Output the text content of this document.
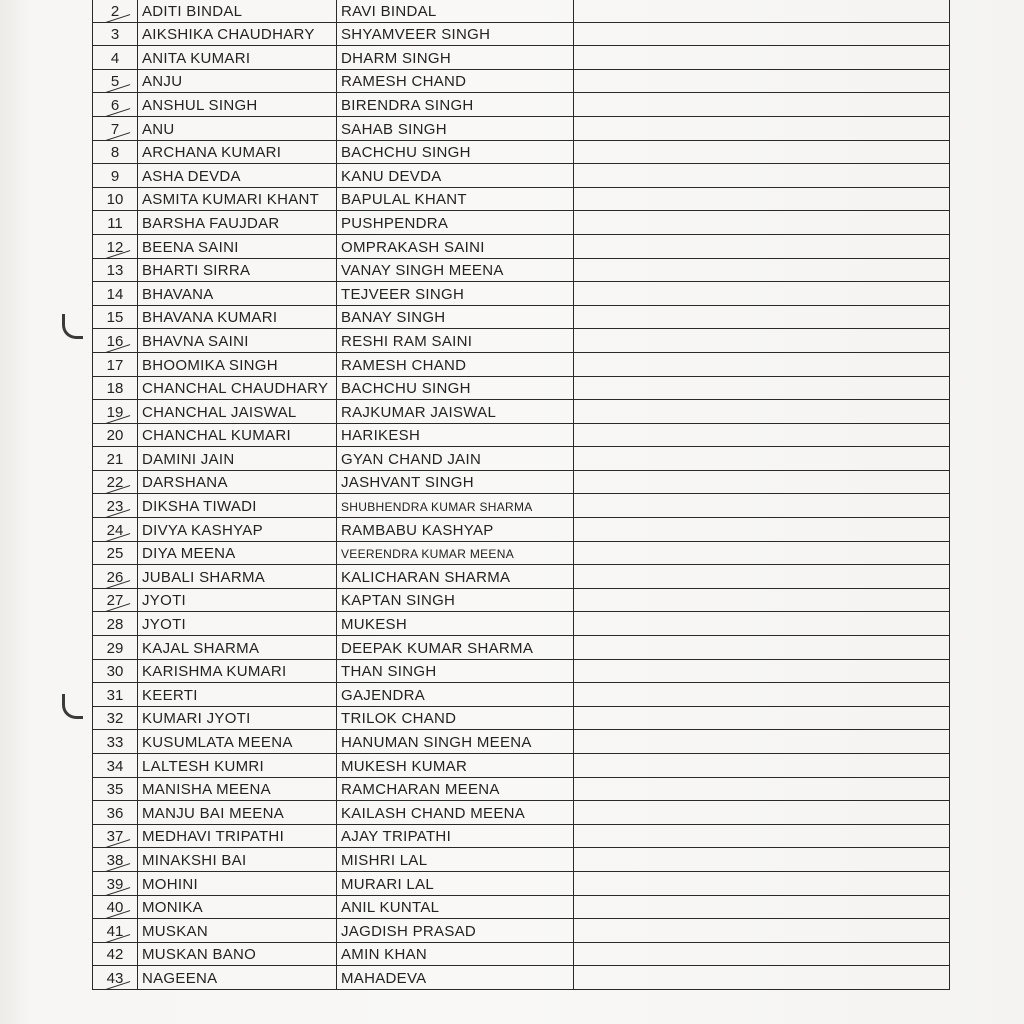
2	ADITI BINDAL	RAVI BINDAL	
3	AIKSHIKA CHAUDHARY	SHYAMVEER SINGH	
4	ANITA KUMARI	DHARM SINGH	
5	ANJU	RAMESH CHAND	
6	ANSHUL SINGH	BIRENDRA SINGH	
7	ANU	SAHAB SINGH	
8	ARCHANA KUMARI	BACHCHU SINGH	
9	ASHA DEVDA	KANU DEVDA	
10	ASMITA KUMARI KHANT	BAPULAL KHANT	
11	BARSHA FAUJDAR	PUSHPENDRA	
12	BEENA SAINI	OMPRAKASH SAINI	
13	BHARTI SIRRA	VANAY SINGH MEENA	
14	BHAVANA	TEJVEER SINGH	
15	BHAVANA KUMARI	BANAY SINGH	
16	BHAVNA SAINI	RESHI RAM SAINI	
17	BHOOMIKA SINGH	RAMESH CHAND	
18	CHANCHAL CHAUDHARY	BACHCHU SINGH	
19	CHANCHAL JAISWAL	RAJKUMAR JAISWAL	
20	CHANCHAL KUMARI	HARIKESH	
21	DAMINI JAIN	GYAN CHAND JAIN	
22	DARSHANA	JASHVANT SINGH	
23	DIKSHA TIWADI	SHUBHENDRA KUMAR SHARMA	
24	DIVYA KASHYAP	RAMBABU KASHYAP	
25	DIYA MEENA	VEERENDRA KUMAR MEENA	
26	JUBALI SHARMA	KALICHARAN SHARMA	
27	JYOTI	KAPTAN SINGH	
28	JYOTI	MUKESH	
29	KAJAL SHARMA	DEEPAK KUMAR SHARMA	
30	KARISHMA KUMARI	THAN SINGH	
31	KEERTI	GAJENDRA	
32	KUMARI JYOTI	TRILOK CHAND	
33	KUSUMLATA MEENA	HANUMAN SINGH MEENA	
34	LALTESH KUMRI	MUKESH KUMAR	
35	MANISHA MEENA	RAMCHARAN MEENA	
36	MANJU BAI MEENA	KAILASH CHAND MEENA	
37	MEDHAVI TRIPATHI	AJAY TRIPATHI	
38	MINAKSHI BAI	MISHRI LAL	
39	MOHINI	MURARI LAL	
40	MONIKA	ANIL KUNTAL	
41	MUSKAN	JAGDISH PRASAD	
42	MUSKAN BANO	AMIN KHAN	
43	NAGEENA	MAHADEVA	
